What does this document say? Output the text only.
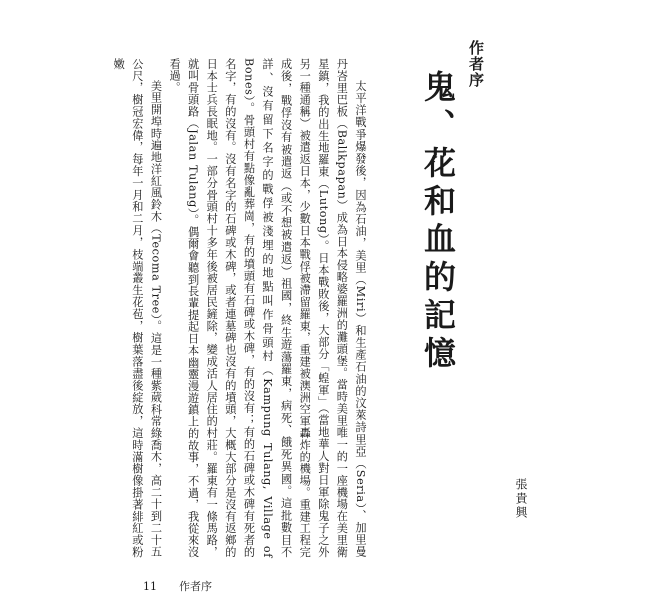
作者序
鬼、花和血的記憶

太平洋戰爭爆發後，因為石油，美里（Miri）和生產石油的汶萊詩里亞（Seria）、加里曼丹峇里巴板（Balikpapan）成為日本侵略婆羅洲的灘頭堡。當時美里唯一的一座機場在美里衛星鎮，我的出生地羅東（Lutong）。日本戰敗後，大部分「蝗軍」（當地華人對日軍除鬼子之外另一種通稱）被遣返日本，少數日本戰俘被滯留羅東，重建被澳洲空軍轟炸的機場。重建工程完成後，戰俘沒有被遣返（或不想被遣返）祖國，終生遊蕩羅東，病死、餓死異國。這批數目不詳、沒有留下名字的戰俘被淺埋的地點叫作骨頭村（Kampung Tulang, Village of Bones）。骨頭村有點像亂葬崗，有的墳頭有石碑或木碑，有的沒有；有的石碑或木碑有死者的名字，有的沒有。沒有名字的石碑或木碑，或者連墓碑也沒有的墳頭，大概大部分是沒有返鄉的日本士兵長眠地。一部分骨頭村十多年後被居民鏟除，變成活人居住的村莊。羅東有一條馬路，就叫骨頭路（Jalan Tulang）。偶爾會聽到長輩提起日本幽靈漫遊鎮上的故事，不過，我從來沒看過。

美里開埠時遍地洋紅風鈴木（Tecoma Tree）。這是一種紫葳科常綠喬木，高二十到二十五公尺，樹冠宏偉，每年一月和二月，枝端叢生花苞，樹葉落盡後綻放，這時滿樹像掛著緋紅或粉嫩

張貴興
11 作者序
